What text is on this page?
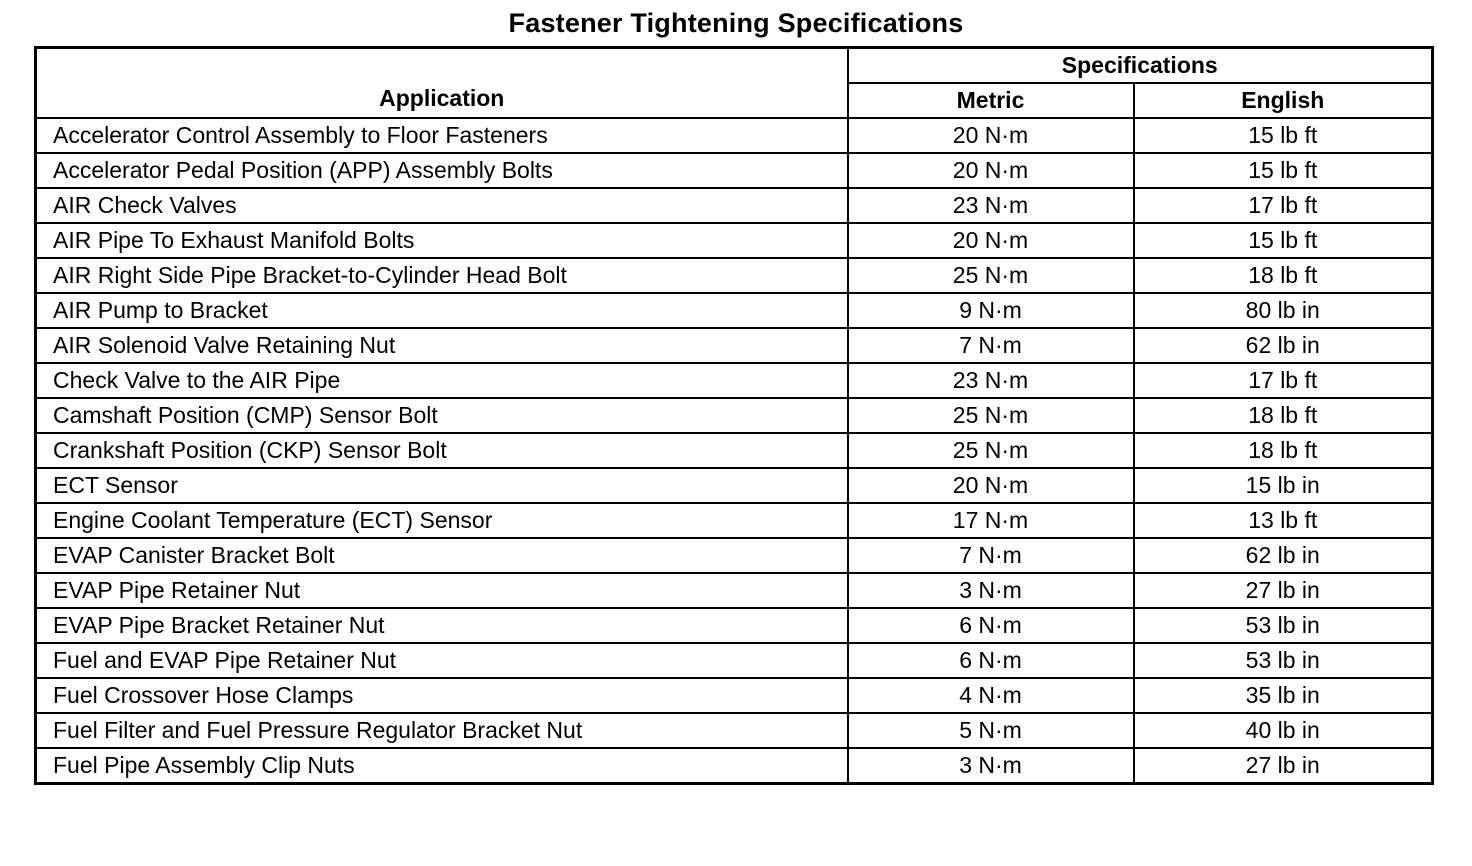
Fastener Tightening Specifications
Application	Specifications	
	Metric	English
Accelerator Control Assembly to Floor Fasteners	20 N·m	15 lb ft
Accelerator Pedal Position (APP) Assembly Bolts	20 N·m	15 lb ft
AIR Check Valves	23 N·m	17 lb ft
AIR Pipe To Exhaust Manifold Bolts	20 N·m	15 lb ft
AIR Right Side Pipe Bracket-to-Cylinder Head Bolt	25 N·m	18 lb ft
AIR Pump to Bracket	9 N·m	80 lb in
AIR Solenoid Valve Retaining Nut	7 N·m	62 lb in
Check Valve to the AIR Pipe	23 N·m	17 lb ft
Camshaft Position (CMP) Sensor Bolt	25 N·m	18 lb ft
Crankshaft Position (CKP) Sensor Bolt	25 N·m	18 lb ft
ECT Sensor	20 N·m	15 lb in
Engine Coolant Temperature (ECT) Sensor	17 N·m	13 lb ft
EVAP Canister Bracket Bolt	7 N·m	62 lb in
EVAP Pipe Retainer Nut	3 N·m	27 lb in
EVAP Pipe Bracket Retainer Nut	6 N·m	53 lb in
Fuel and EVAP Pipe Retainer Nut	6 N·m	53 lb in
Fuel Crossover Hose Clamps	4 N·m	35 lb in
Fuel Filter and Fuel Pressure Regulator Bracket Nut	5 N·m	40 lb in
Fuel Pipe Assembly Clip Nuts	3 N·m	27 lb in
